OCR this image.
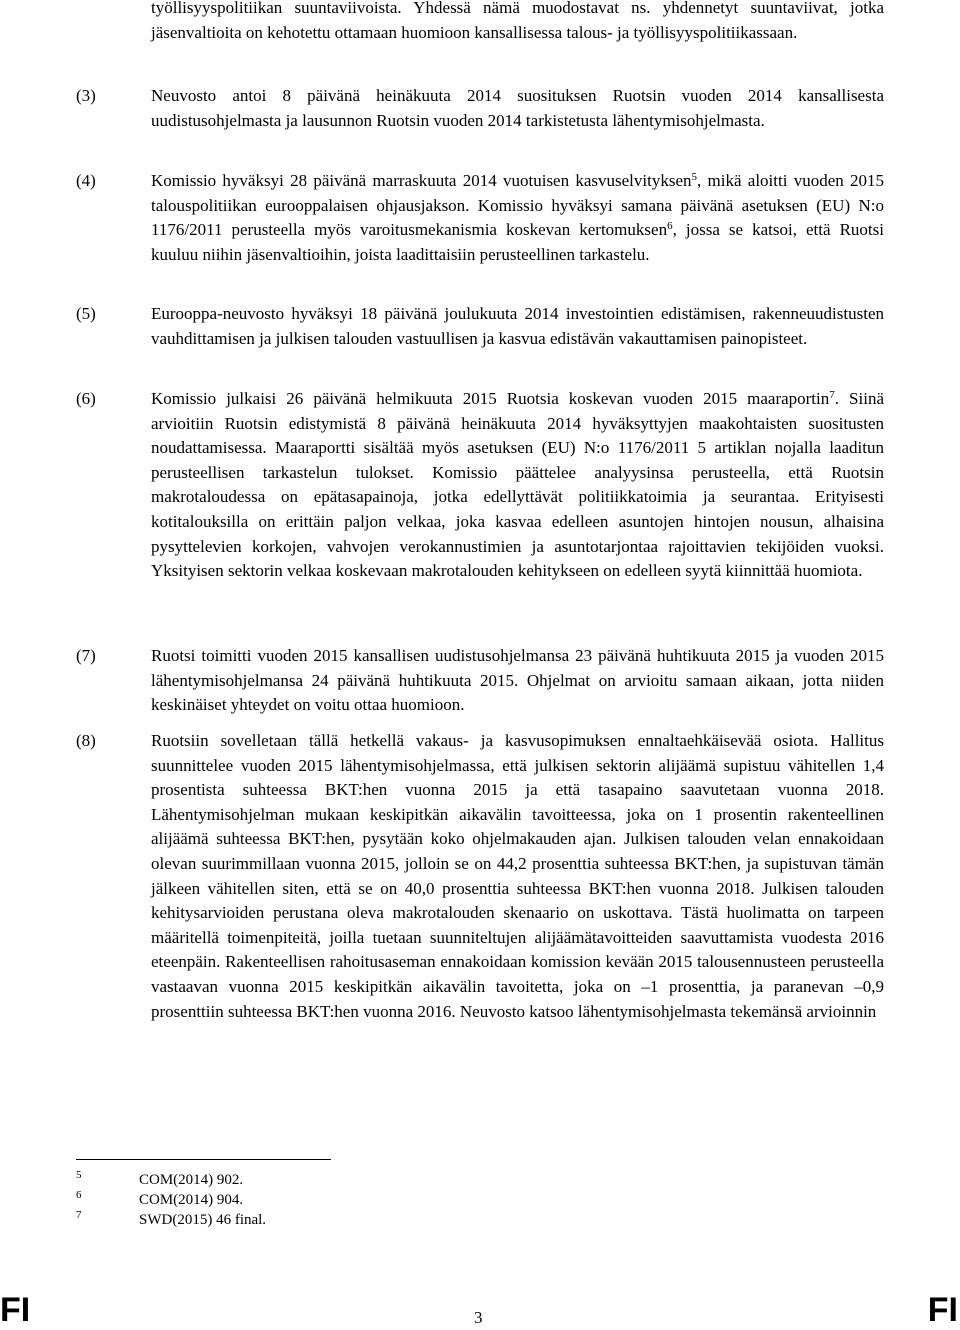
työllisyyspolitiikan suuntaviivoista. Yhdessä nämä muodostavat ns. yhdennetyt suuntaviivat, jotka jäsenvaltioita on kehotettu ottamaan huomioon kansallisessa talous- ja työllisyyspolitiikassaan.
(3)	Neuvosto antoi 8 päivänä heinäkuuta 2014 suosituksen Ruotsin vuoden 2014 kansallisesta uudistusohjelmasta ja lausunnon Ruotsin vuoden 2014 tarkistetusta lähentymisohjelmasta.
(4)	Komissio hyväksyi 28 päivänä marraskuuta 2014 vuotuisen kasvuselvityksen$^5$, mikä aloitti vuoden 2015 talouspolitiikan eurooppalaisen ohjausjakson. Komissio hyväksyi samana päivänä asetuksen (EU) N:o 1176/2011 perusteella myös varoitusmekanismia koskevan kertomuksen$^6$, jossa se katsoi, että Ruotsi kuuluu niihin jäsenvaltioihin, joista laadittaisiin perusteellinen tarkastelu.
(5)	Eurooppa-neuvosto hyväksyi 18 päivänä joulukuuta 2014 investointien edistämisen, rakenneuudistusten vauhdittamisen ja julkisen talouden vastuullisen ja kasvua edistävän vakauttamisen painopisteet.
(6)	Komissio julkaisi 26 päivänä helmikuuta 2015 Ruotsia koskevan vuoden 2015 maaraportin$^7$. Siinä arvioitiin Ruotsin edistymistä 8 päivänä heinäkuuta 2014 hyväksyttyjen maakohtaisten suositusten noudattamisessa. Maaraportti sisältää myös asetuksen (EU) N:o 1176/2011 5 artiklan nojalla laaditun perusteellisen tarkastelun tulokset. Komissio päättelee analyysinsa perusteella, että Ruotsin makrotaloudessa on epätasapainoja, jotka edellyttävät politiikkatoimia ja seurantaa. Erityisesti kotitalouksilla on erittäin paljon velkaa, joka kasvaa edelleen asuntojen hintojen nousun, alhaisina pysyttelevien korkojen, vahvojen verokannustimien ja asuntotarjontaa rajoittavien tekijöiden vuoksi. Yksityisen sektorin velkaa koskevaan makrotalouden kehitykseen on edelleen syytä kiinnittää huomiota.
(7)	Ruotsi toimitti vuoden 2015 kansallisen uudistusohjelmansa 23 päivänä huhtikuuta 2015 ja vuoden 2015 lähentymisohjelmansa 24 päivänä huhtikuuta 2015. Ohjelmat on arvioitu samaan aikaan, jotta niiden keskinäiset yhteydet on voitu ottaa huomioon.
(8)	Ruotsiin sovelletaan tällä hetkellä vakaus- ja kasvusopimuksen ennaltaehkäisevää osiota. Hallitus suunnittelee vuoden 2015 lähentymisohjelmassa, että julkisen sektorin alijäämä supistuu vähitellen 1,4 prosentista suhteessa BKT:hen vuonna 2015 ja että tasapaino saavutetaan vuonna 2018. Lähentymisohjelman mukaan keskipitkän aikavälin tavoitteessa, joka on 1 prosentin rakenteellinen alijäämä suhteessa BKT:hen, pysytään koko ohjelmakauden ajan. Julkisen talouden velan ennakoidaan olevan suurimmillaan vuonna 2015, jolloin se on 44,2 prosenttia suhteessa BKT:hen, ja supistuvan tämän jälkeen vähitellen siten, että se on 40,0 prosenttia suhteessa BKT:hen vuonna 2018. Julkisen talouden kehitysarvioiden perustana oleva makrotalouden skenaario on uskottava. Tästä huolimatta on tarpeen määritellä toimenpiteitä, joilla tuetaan suunniteltujen alijäämätavoitteiden saavuttamista vuodesta 2016 eteenpäin. Rakenteellisen rahoitusaseman ennakoidaan komission kevään 2015 talousennusteen perusteella vastaavan vuonna 2015 keskipitkän aikavälin tavoitetta, joka on –1 prosenttia, ja paranevan –0,9 prosenttiin suhteessa BKT:hen vuonna 2016. Neuvosto katsoo lähentymisohjelmasta tekemänsä arvioinnin
5	COM(2014) 902.
6	COM(2014) 904.
7	SWD(2015) 46 final.
FI	3	FI
